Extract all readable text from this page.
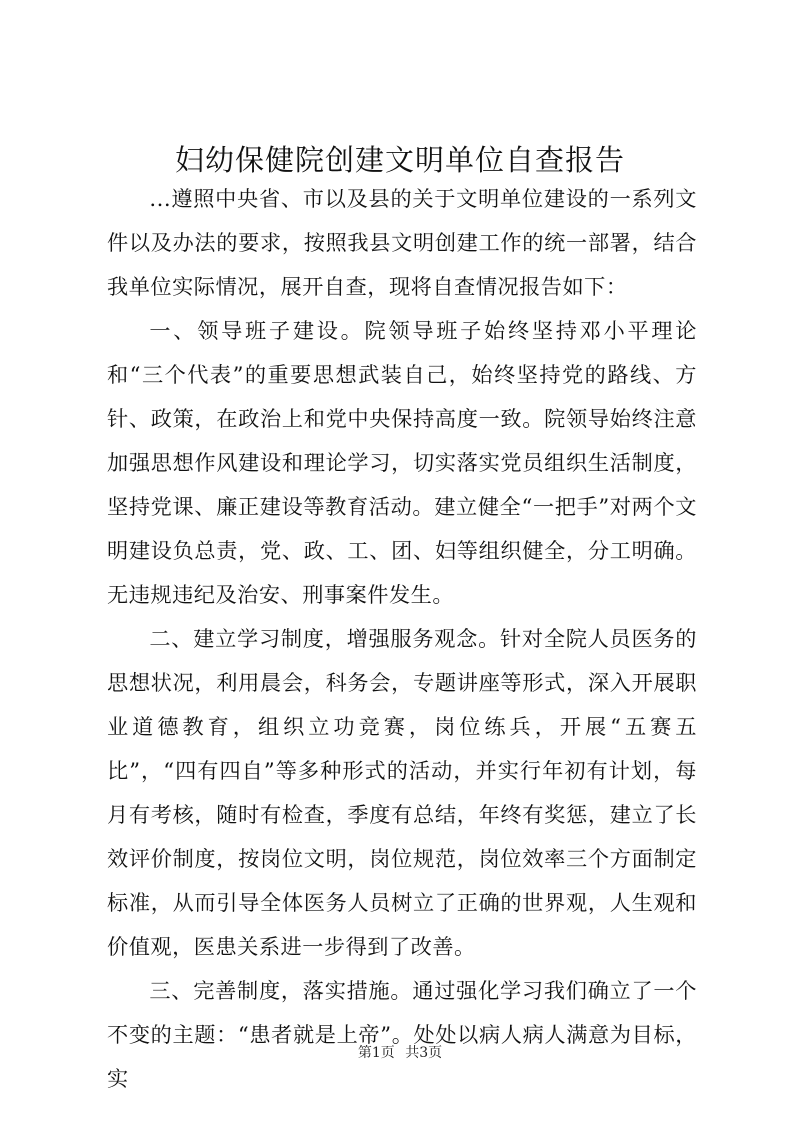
妇幼保健院创建文明单位自查报告

...遵照中央省、市以及县的关于文明单位建设的一系列文件以及办法的要求，按照我县文明创建工作的统一部署，结合我单位实际情况，展开自查，现将自查情况报告如下：

一、领导班子建设。院领导班子始终坚持邓小平理论和“三个代表”的重要思想武装自己，始终坚持党的路线、方针、政策，在政治上和党中央保持高度一致。院领导始终注意加强思想作风建设和理论学习，切实落实党员组织生活制度，坚持党课、廉正建设等教育活动。建立健全“一把手”对两个文明建设负总责，党、政、工、团、妇等组织健全，分工明确。无违规违纪及治安、刑事案件发生。

二、建立学习制度，增强服务观念。针对全院人员医务的思想状况，利用晨会，科务会，专题讲座等形式，深入开展职业道德教育，组织立功竞赛，岗位练兵，开展“五赛五比”，“四有四自”等多种形式的活动，并实行年初有计划，每月有考核，随时有检查，季度有总结，年终有奖惩，建立了长效评价制度，按岗位文明，岗位规范，岗位效率三个方面制定标准，从而引导全体医务人员树立了正确的世界观，人生观和价值观，医患关系进一步得到了改善。

三、完善制度，落实措施。通过强化学习我们确立了一个不变的主题：“患者就是上帝”。处处以病人病人满意为目标，实

第1页 共3页
